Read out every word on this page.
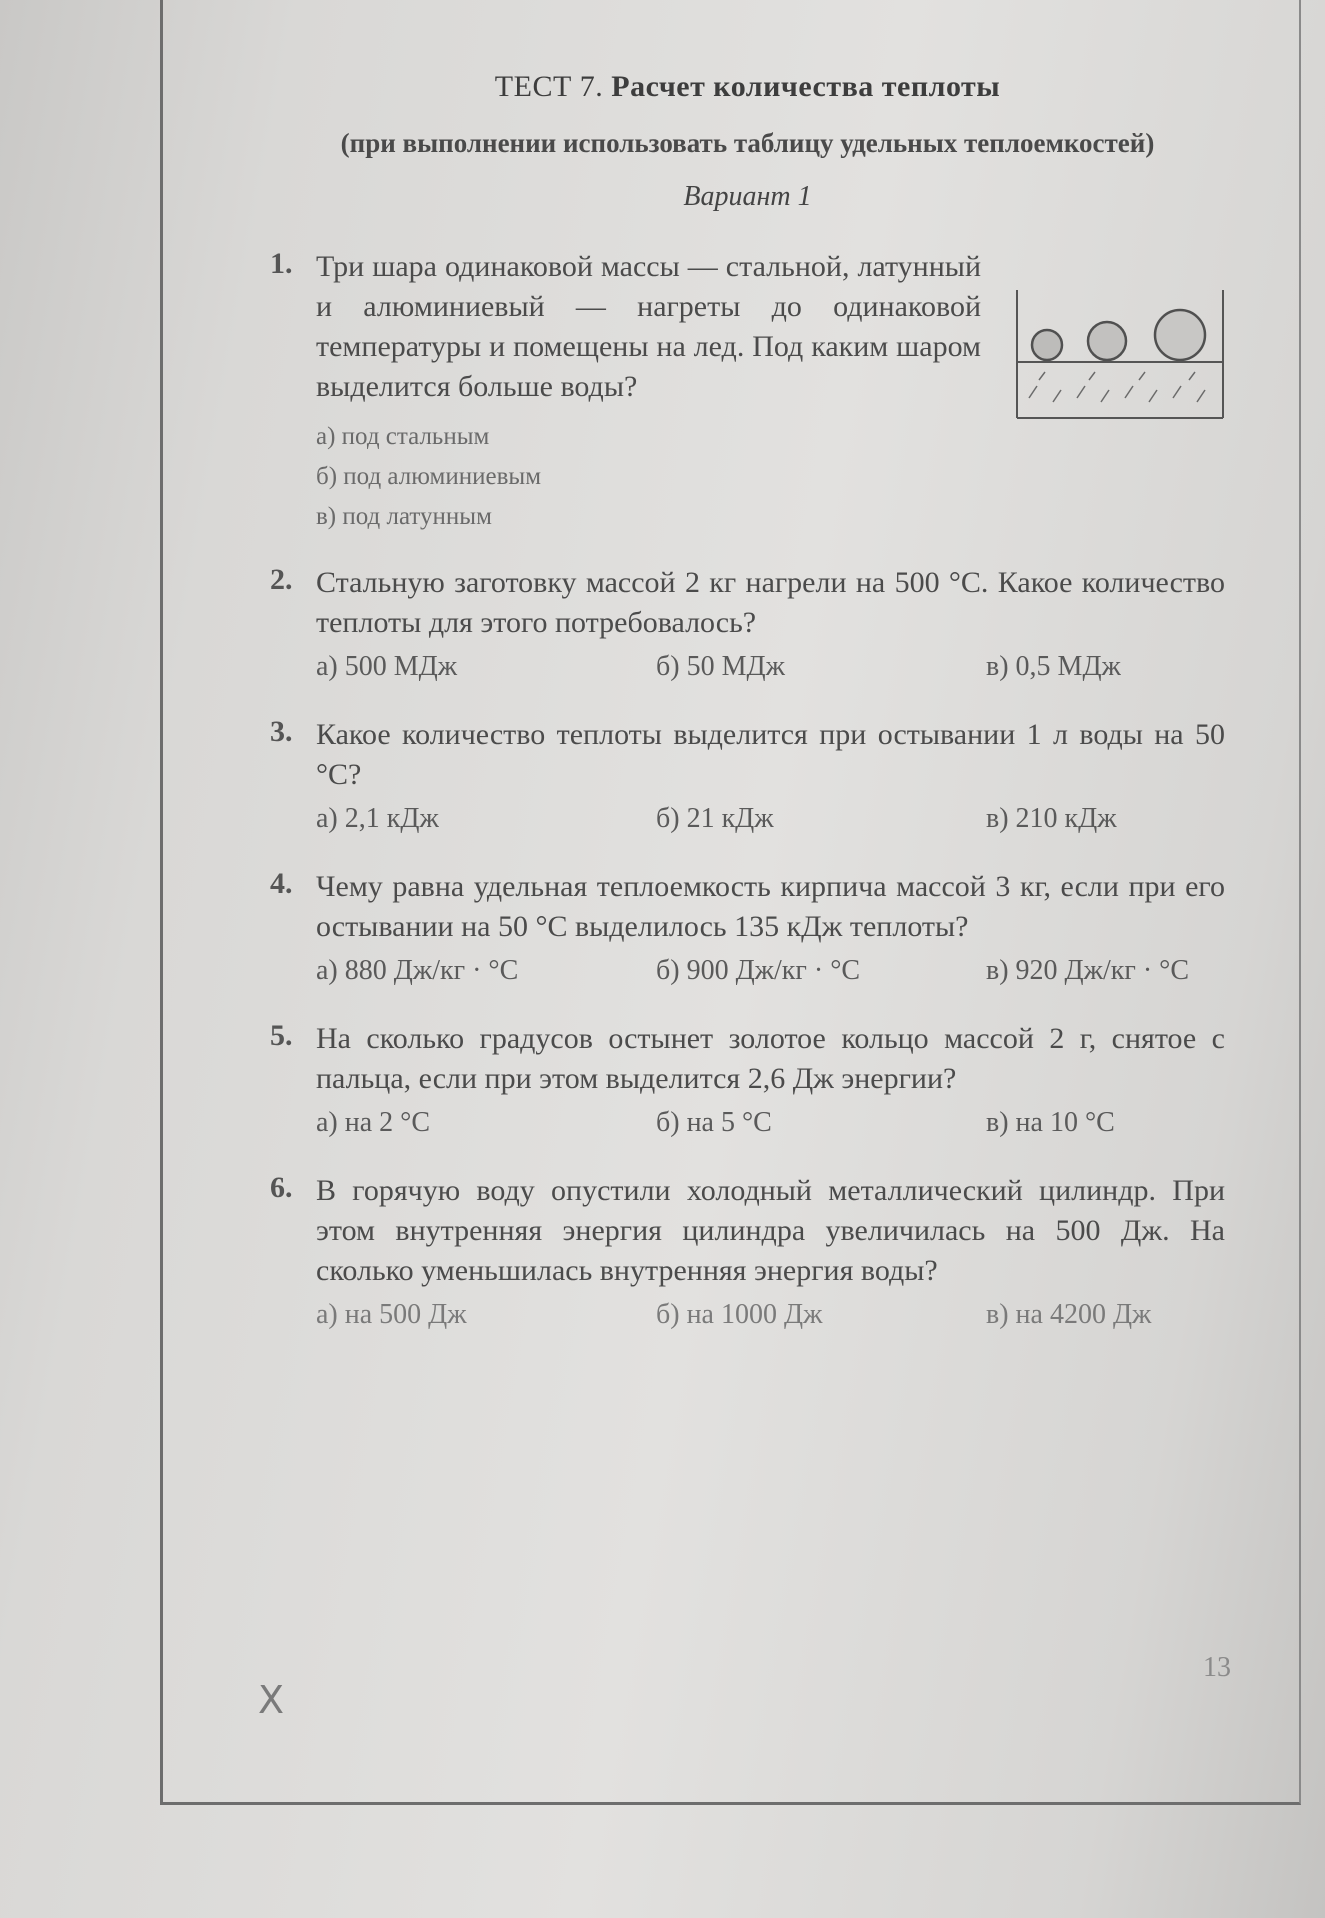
ТЕСТ 7. Расчет количества теплоты
(при выполнении использовать таблицу удельных теплоемкостей)
Вариант 1
1. Три шара одинаковой массы — стальной, латунный и алюминиевый — нагреты до одинаковой температуры и помещены на лед. Под каким шаром выделится больше воды?
а) под стальным
б) под алюминиевым
в) под латунным
2. Стальную заготовку массой 2 кг нагрели на 500 °С. Какое количество теплоты для этого потребовалось?
а) 500 МДж	б) 50 МДж	в) 0,5 МДж
3. Какое количество теплоты выделится при остывании 1 л воды на 50 °С?
а) 2,1 кДж	б) 21 кДж	в) 210 кДж
4. Чему равна удельная теплоемкость кирпича массой 3 кг, если при его остывании на 50 °С выделилось 135 кДж теплоты?
а) 880 Дж/кг · °С	б) 900 Дж/кг · °С	в) 920 Дж/кг · °С
5. На сколько градусов остынет золотое кольцо массой 2 г, снятое с пальца, если при этом выделится 2,6 Дж энергии?
а) на 2 °С	б) на 5 °С	в) на 10 °С
6. В горячую воду опустили холодный металлический цилиндр. При этом внутренняя энергия цилиндра увеличилась на 500 Дж. На сколько уменьшилась внутренняя энергия воды?
а) на 500 Дж	б) на 1000 Дж	в) на 4200 Дж
13
X
